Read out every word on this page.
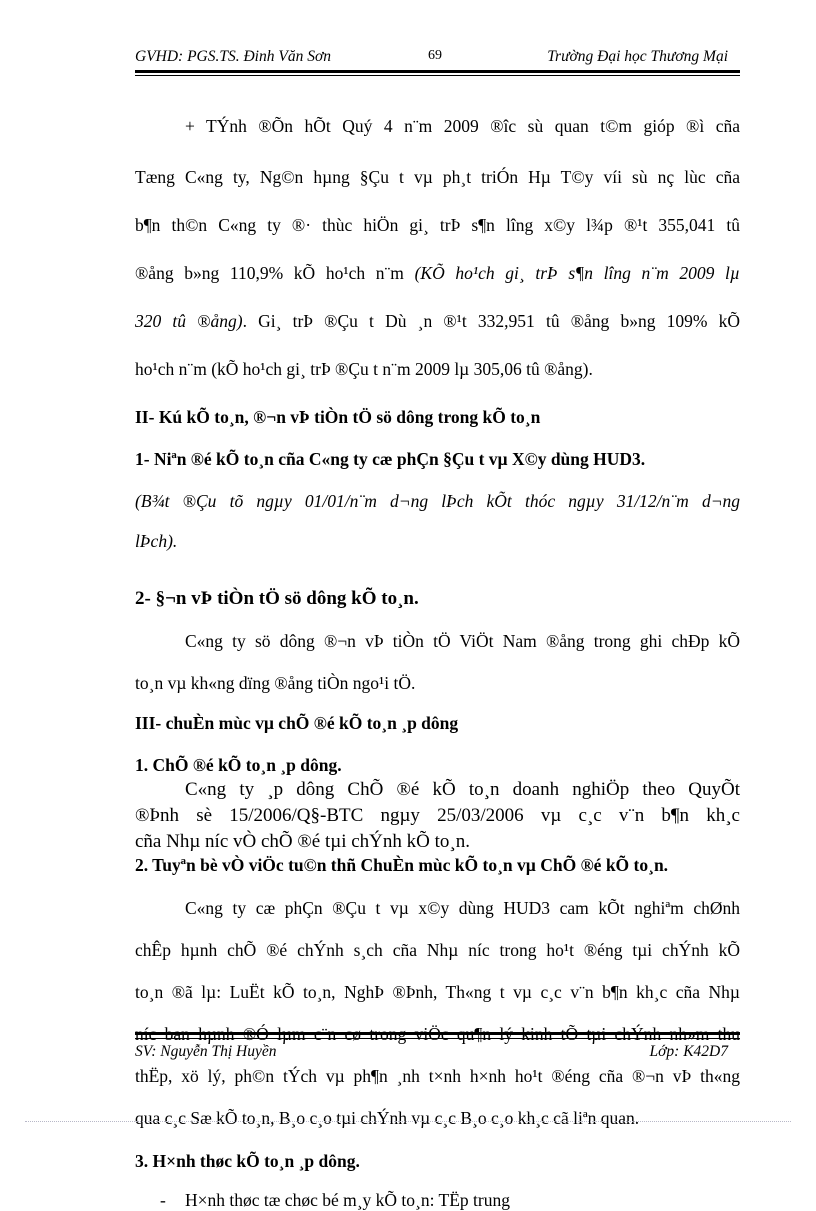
GVHD: PGS.TS. Đinh Văn Sơn	69	Trường Đại học Thương Mại
+ TÝnh ®Õn hÕt Quý 4 n¨m 2009 ®îc sù quan t©m gióp ®ì cña
Tæng C«ng ty, Ng©n hµng §Çu t vµ ph¸t triÓn Hµ T©y víi sù nç lùc cña
b¶n th©n C«ng ty ®· thùc hiÖn gi¸ trÞ s¶n lîng x©y l¾p ®¹t 355,041 tû
®ång b»ng 110,9% kÕ ho¹ch n¨m (KÕ ho¹ch gi¸ trÞ s¶n lîng n¨m 2009 lµ
320 tû ®ång). Gi¸ trÞ ®Çu t Dù ¸n ®¹t 332,951 tû ®ång b»ng 109% kÕ
ho¹ch n¨m (kÕ ho¹ch gi¸ trÞ ®Çu t n¨m 2009 lµ 305,06 tû ®ång).
II- Kú kÕ to¸n, ®¬n vÞ tiÒn tÖ sö dông trong kÕ to¸n
1- Niªn ®é kÕ to¸n cña C«ng ty cæ phÇn §Çu t vµ X©y dùng HUD3.
(B¾t ®Çu tõ ngµy 01/01/n¨m d¬ng lÞch kÕt thóc ngµy 31/12/n¨m d¬ng
lÞch).
2- §¬n vÞ tiÒn tÖ sö dông kÕ to¸n.
C«ng ty sö dông ®¬n vÞ tiÒn tÖ ViÖt Nam ®ång trong ghi chÐp kÕ
to¸n vµ kh«ng dïng ®ång tiÒn ngo¹i tÖ.
III- chuÈn mùc vµ chÕ ®é kÕ to¸n ¸p dông
1. ChÕ ®é kÕ to¸n ¸p dông.
C«ng ty ¸p dông ChÕ ®é kÕ to¸n doanh nghiÖp theo QuyÕt
®Þnh sè 15/2006/Q§-BTC ngµy 25/03/2006 vµ c¸c v¨n b¶n kh¸c
cña Nhµ níc vÒ chÕ ®é tµi chÝnh kÕ to¸n.
2. Tuyªn bè vÒ viÖc tu©n thñ ChuÈn mùc kÕ to¸n vµ ChÕ ®é kÕ to¸n.
C«ng ty cæ phÇn ®Çu t vµ x©y dùng HUD3 cam kÕt nghiªm chØnh
chÊp hµnh chÕ ®é chÝnh s¸ch cña Nhµ níc trong ho¹t ®éng tµi chÝnh kÕ
to¸n ®ã lµ: LuËt kÕ to¸n, NghÞ ®Þnh, Th«ng t vµ c¸c v¨n b¶n kh¸c cña Nhµ
thËp, xö lý, ph©n tÝch vµ ph¶n ¸nh t×nh h×nh ho¹t ®éng cña ®¬n vÞ th«ng
qua c¸c Sæ kÕ to¸n, B¸o c¸o tµi chÝnh vµ c¸c B¸o c¸o kh¸c cã liªn quan.
3. H×nh thøc kÕ to¸n ¸p dông.
- H×nh thøc tæ chøc bé m¸y kÕ to¸n: TËp trung
SV: Nguyễn Thị Huyền	Lớp: K42D7
